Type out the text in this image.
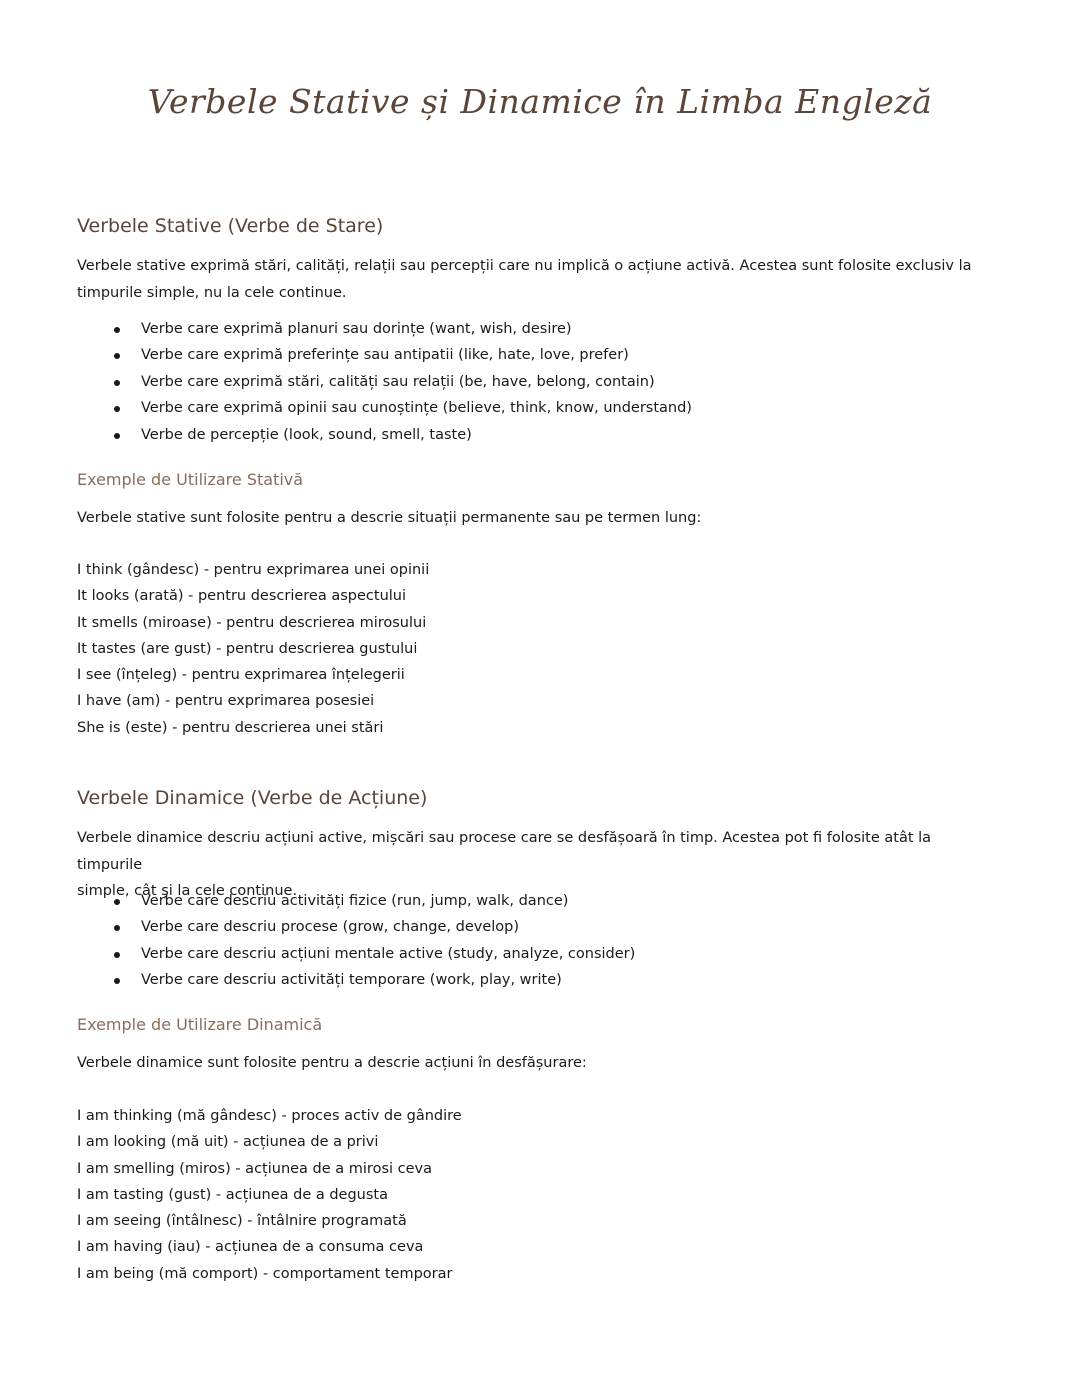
Verbele Stative și Dinamice în Limba Engleză
Verbele Stative (Verbe de Stare)

Verbele stative exprimă stări, calități, relații sau percepții care nu implică o acțiune activă. Acestea sunt folosite exclusiv la

timpurile simple, nu la cele continue.

Verbe care exprimă planuri sau dorințe (want, wish, desire)
Verbe care exprimă preferințe sau antipatii (like, hate, love, prefer)
Verbe care exprimă stări, calități sau relații (be, have, belong, contain)
Verbe care exprimă opinii sau cunoștințe (believe, think, know, understand)
Verbe de percepție (look, sound, smell, taste)
Exemple de Utilizare Stativă

Verbele stative sunt folosite pentru a descrie situații permanente sau pe termen lung:

I think (gândesc) - pentru exprimarea unei opinii
It looks (arată) - pentru descrierea aspectului
It smells (miroase) - pentru descrierea mirosului
It tastes (are gust) - pentru descrierea gustului
I see (înțeleg) - pentru exprimarea înțelegerii
I have (am) - pentru exprimarea posesiei
She is (este) - pentru descrierea unei stări
Verbele Dinamice (Verbe de Acțiune)

Verbele dinamice descriu acțiuni active, mișcări sau procese care se desfășoară în timp. Acestea pot fi folosite atât la timpurile

simple, cât și la cele continue.

Verbe care descriu activități fizice (run, jump, walk, dance)
Verbe care descriu procese (grow, change, develop)
Verbe care descriu acțiuni mentale active (study, analyze, consider)
Verbe care descriu activități temporare (work, play, write)
Exemple de Utilizare Dinamică

Verbele dinamice sunt folosite pentru a descrie acțiuni în desfășurare:

I am thinking (mă gândesc) - proces activ de gândire
I am looking (mă uit) - acțiunea de a privi
I am smelling (miros) - acțiunea de a mirosi ceva
I am tasting (gust) - acțiunea de a degusta
I am seeing (întâlnesc) - întâlnire programată
I am having (iau) - acțiunea de a consuma ceva
I am being (mă comport) - comportament temporar
